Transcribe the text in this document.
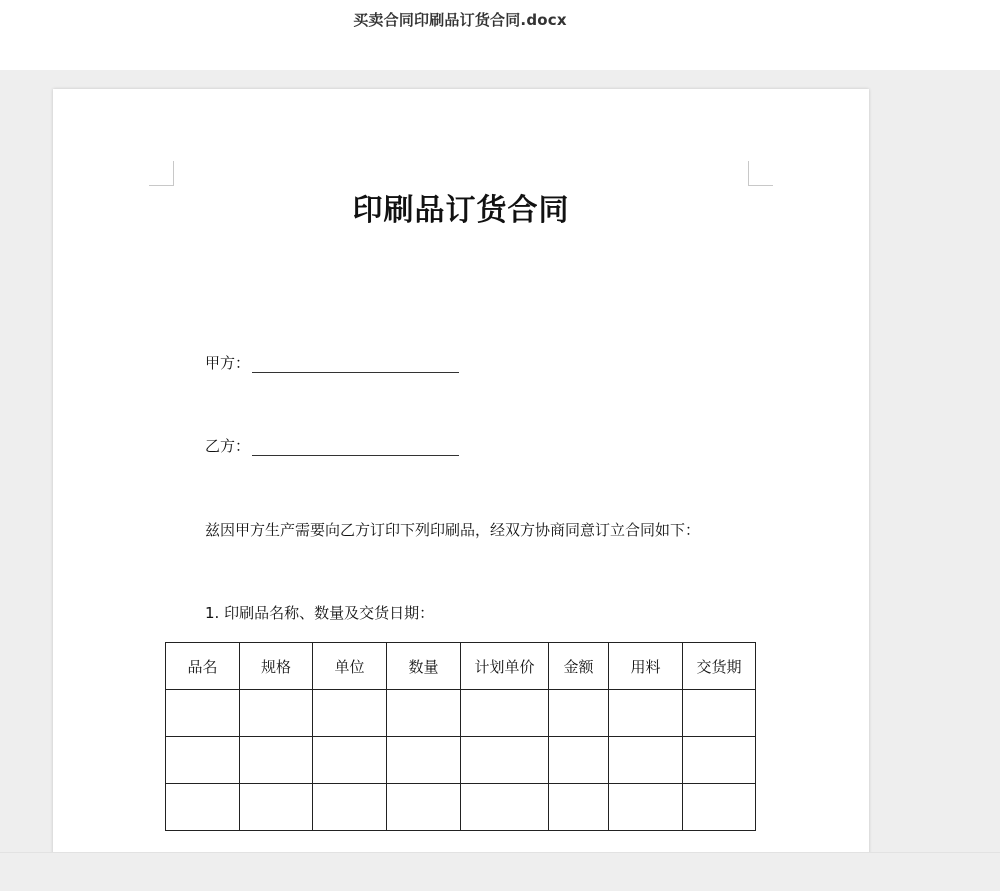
买卖合同印刷品订货合同.docx
印刷品订货合同
甲方：
乙方：
兹因甲方生产需要向乙方订印下列印刷品，经双方协商同意订立合同如下：
1. 印刷品名称、数量及交货日期：
品名	规格	单位	数量	计划单价	金额	用料	交货期
